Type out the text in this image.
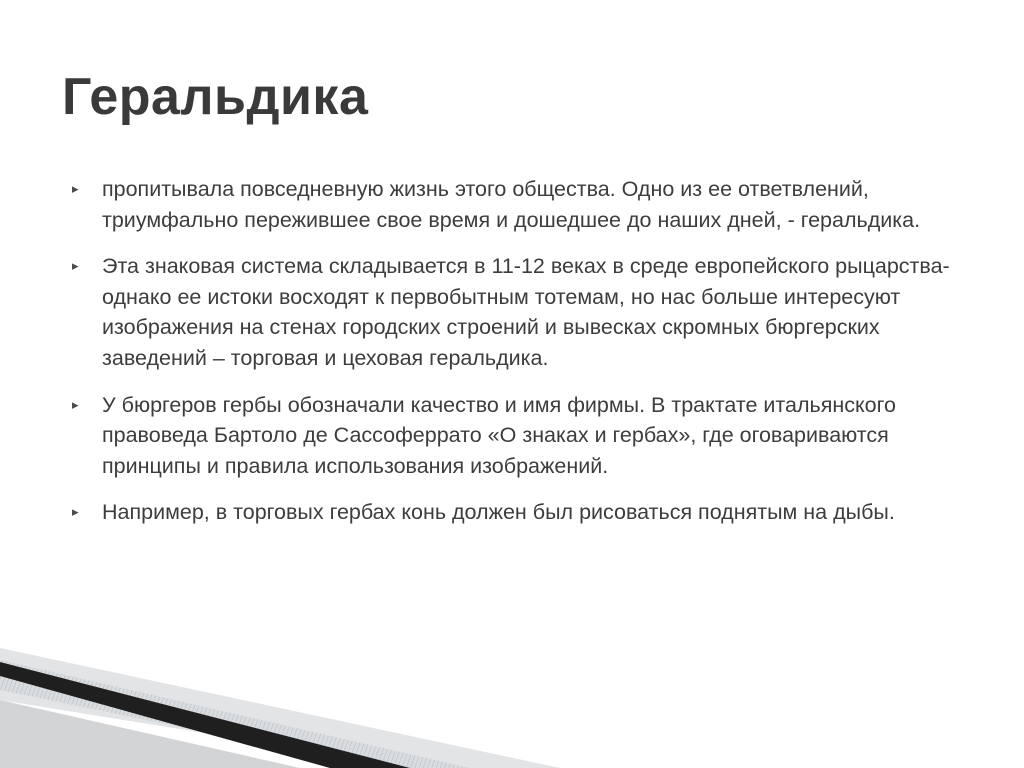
Геральдика
▸ пропитывала повседневную жизнь этого общества. Одно из ее ответвлений, триумфально пережившее свое время и дошедшее до наших дней, - геральдика.
▸ Эта знаковая система складывается в 11-12 веках в среде европейского рыцарства- однако ее истоки восходят к первобытным тотемам, но нас больше интересуют изображения на стенах городских строений и вывесках скромных бюргерских заведений – торговая и цеховая геральдика.
▸ У бюргеров гербы обозначали качество и имя фирмы. В трактате итальянского правоведа Бартоло де Сассоферрато «О знаках и гербах», где оговариваются принципы и правила использования изображений.
▸ Например, в торговых гербах конь должен был рисоваться поднятым на дыбы.
